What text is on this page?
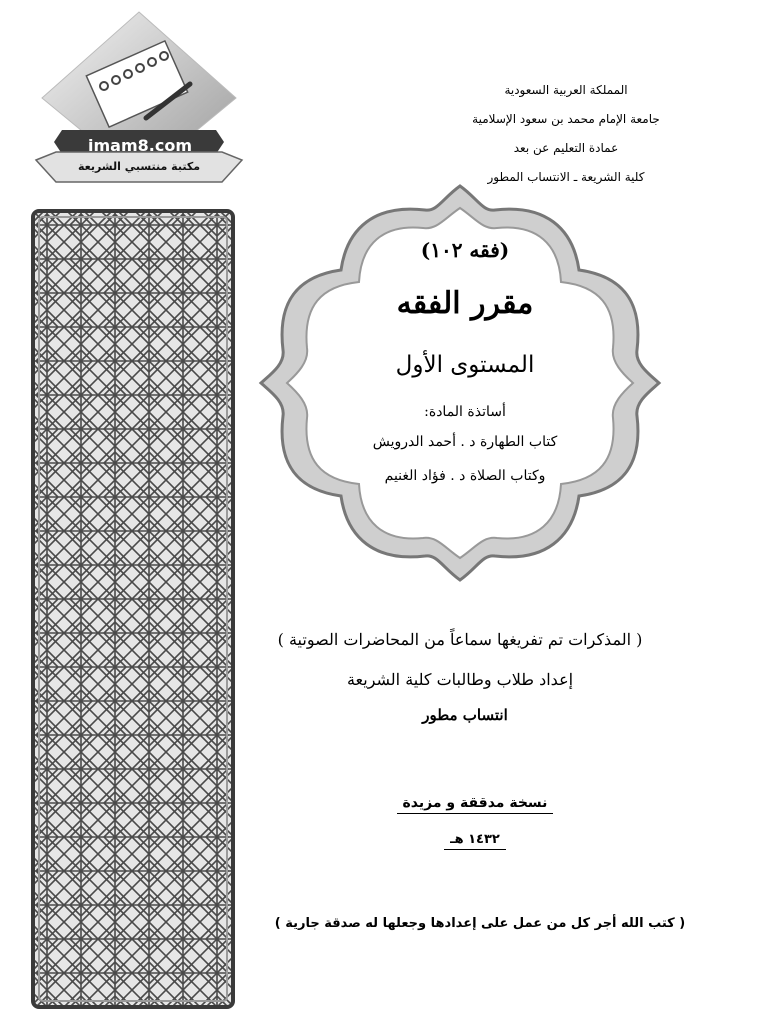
imam8.com
مكتبة منتسبي الشريعة
المملكة العربية السعودية
جامعة الإمام محمد بن سعود الإسلامية
عمادة التعليم عن بعد
كلية الشريعة ـ الانتساب المطور
(فقه ١٠٢)
مقرر الفقه
المستوى الأول
أساتذة المادة:
كتاب الطهارة د . أحمد الدرويش
وكتاب الصلاة د . فؤاد الغنيم
( المذكرات تم تفريغها سماعاً من المحاضرات الصوتية )
إعداد طلاب وطالبات كلية الشريعة
انتساب مطور
نسخة مدققة و مزيدة
١٤٣٢ هـ
( كتب الله أجر كل من عمل على إعدادها وجعلها له صدقة جارية )
